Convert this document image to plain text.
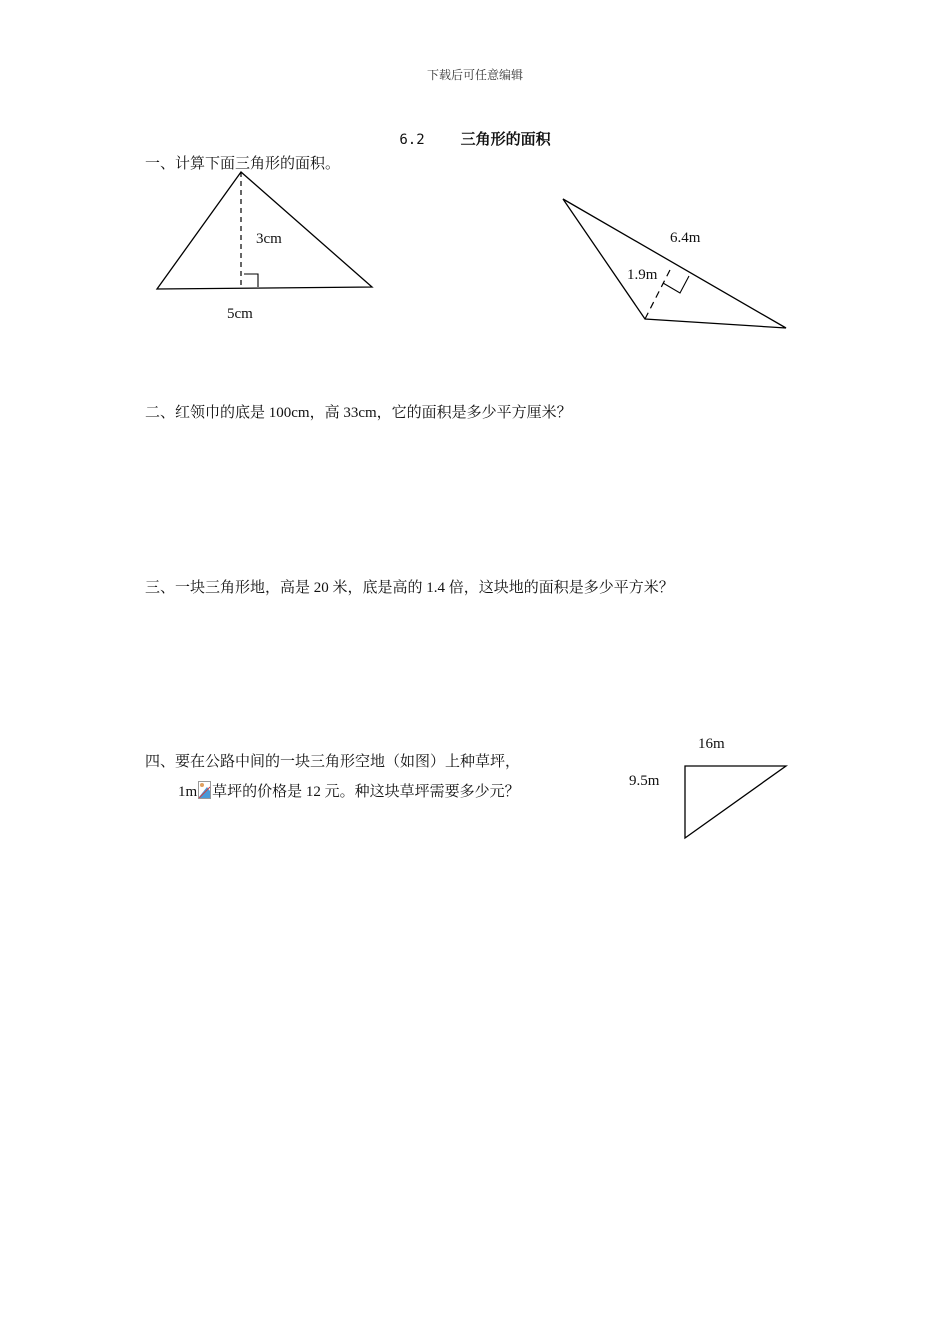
下载后可任意编辑
6.2 三角形的面积
一、计算下面三角形的面积。
3cm
5cm
6.4m
1.9m
二、红领巾的底是 100cm，高 33cm，它的面积是多少平方厘米？
三、一块三角形地，高是 20 米，底是高的 1.4 倍，这块地的面积是多少平方米？
四、要在公路中间的一块三角形空地（如图）上种草坪，
1m 草坪的价格是 12 元。种这块草坪需要多少元？
16m
9.5m
